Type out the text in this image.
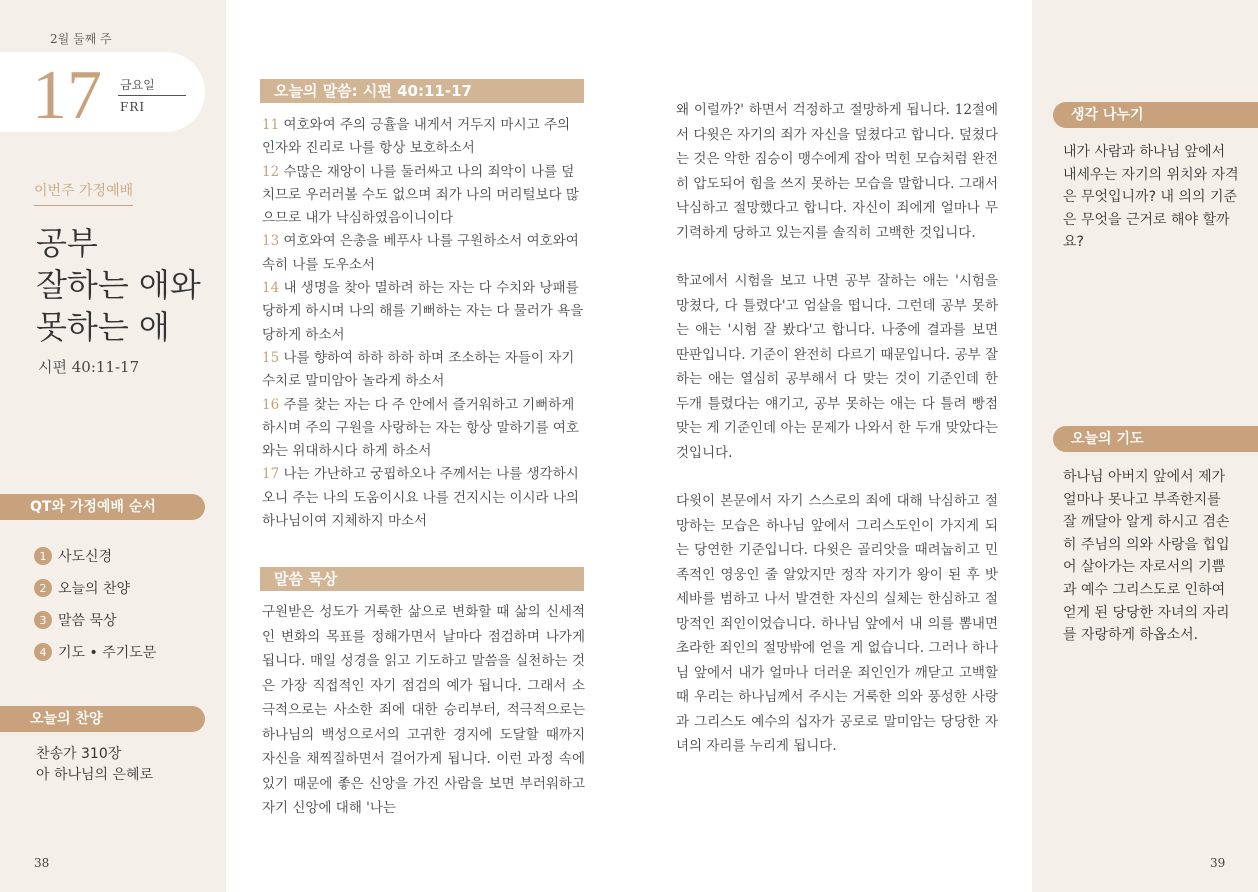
2월 둘째 주
17 금요일
FRI
이번주 가정예배
공부
잘하는 애와
못하는 애
시편 40:11-17
QT와 가정예배 순서
1 사도신경
2 오늘의 찬양
3 말씀 묵상
4 기도 • 주기도문
오늘의 찬양
찬송가 310장
아 하나님의 은혜로
38
오늘의 말씀: 시편 40:11-17
11 여호와여 주의 긍휼을 내게서 거두지 마시고 주의 인자와 진리로 나를 항상 보호하소서
12 수많은 재앙이 나를 둘러싸고 나의 죄악이 나를 덮치므로 우러러볼 수도 없으며 죄가 나의 머리털보다 많으므로 내가 낙심하였음이니이다
13 여호와여 은총을 베푸사 나를 구원하소서 여호와여 속히 나를 도우소서
14 내 생명을 찾아 멸하려 하는 자는 다 수치와 낭패를 당하게 하시며 나의 해를 기뻐하는 자는 다 물러가 욕을 당하게 하소서
15 나를 향하여 하하 하하 하며 조소하는 자들이 자기 수치로 말미암아 놀라게 하소서
16 주를 찾는 자는 다 주 안에서 즐거워하고 기뻐하게 하시며 주의 구원을 사랑하는 자는 항상 말하기를 여호와는 위대하시다 하게 하소서
17 나는 가난하고 궁핍하오나 주께서는 나를 생각하시오니 주는 나의 도움이시요 나를 건지시는 이시라 나의 하나님이여 지체하지 마소서
말씀 묵상
구원받은 성도가 거룩한 삶으로 변화할 때 삶의 신세적인 변화의 목표를 정해가면서 날마다 점검하며 나가게 됩니다. 매일 성경을 읽고 기도하고 말씀을 실천하는 것은 가장 직접적인 자기 점검의 예가 됩니다. 그래서 소극적으로는 사소한 죄에 대한 승리부터, 적극적으로는 하나님의 백성으로서의 고귀한 경지에 도달할 때까지 자신을 채찍질하면서 걸어가게 됩니다. 이런 과정 속에 있기 때문에 좋은 신앙을 가진 사람을 보면 부러워하고 자기 신앙에 대해 '나는

왜 이럴까?' 하면서 걱정하고 절망하게 됩니다. 12절에서 다윗은 자기의 죄가 자신을 덮쳤다고 합니다. 덮쳤다는 것은 악한 짐승이 맹수에게 잡아 먹힌 모습처럼 완전히 압도되어 힘을 쓰지 못하는 모습을 말합니다. 그래서 낙심하고 절망했다고 합니다. 자신이 죄에게 얼마나 무기력하게 당하고 있는지를 솔직히 고백한 것입니다.

학교에서 시험을 보고 나면 공부 잘하는 애는 '시험을 망쳤다, 다 틀렸다'고 엄살을 떱니다. 그런데 공부 못하는 애는 '시험 잘 봤다'고 합니다. 나중에 결과를 보면 딴판입니다. 기준이 완전히 다르기 때문입니다. 공부 잘하는 애는 열심히 공부해서 다 맞는 것이 기준인데 한 두개 틀렸다는 얘기고, 공부 못하는 애는 다 틀려 빵점 맞는 게 기준인데 아는 문제가 나와서 한 두개 맞았다는 것입니다.

다윗이 본문에서 자기 스스로의 죄에 대해 낙심하고 절망하는 모습은 하나님 앞에서 그리스도인이 가지게 되는 당연한 기준입니다. 다윗은 골리앗을 때려눕히고 민족적인 영웅인 줄 알았지만 정작 자기가 왕이 된 후 밧세바를 범하고 나서 발견한 자신의 실체는 한심하고 절망적인 죄인이었습니다. 하나님 앞에서 내 의를 뽐내면 초라한 죄인의 절망밖에 얻을 게 없습니다. 그러나 하나님 앞에서 내가 얼마나 더러운 죄인인가 깨닫고 고백할 때 우리는 하나님께서 주시는 거룩한 의와 풍성한 사랑과 그리스도 예수의 십자가 공로로 말미암는 당당한 자녀의 자리를 누리게 됩니다.

생각 나누기
내가 사람과 하나님 앞에서 내세우는 자기의 위치와 자격은 무엇입니까? 내 의의 기준은 무엇을 근거로 해야 할까요?
오늘의 기도
하나님 아버지 앞에서 제가 얼마나 못나고 부족한지를 잘 깨달아 알게 하시고 겸손히 주님의 의와 사랑을 힙입어 살아가는 자로서의 기쁨과 예수 그리스도로 인하여 얻게 된 당당한 자녀의 자리를 자랑하게 하옵소서.
39
